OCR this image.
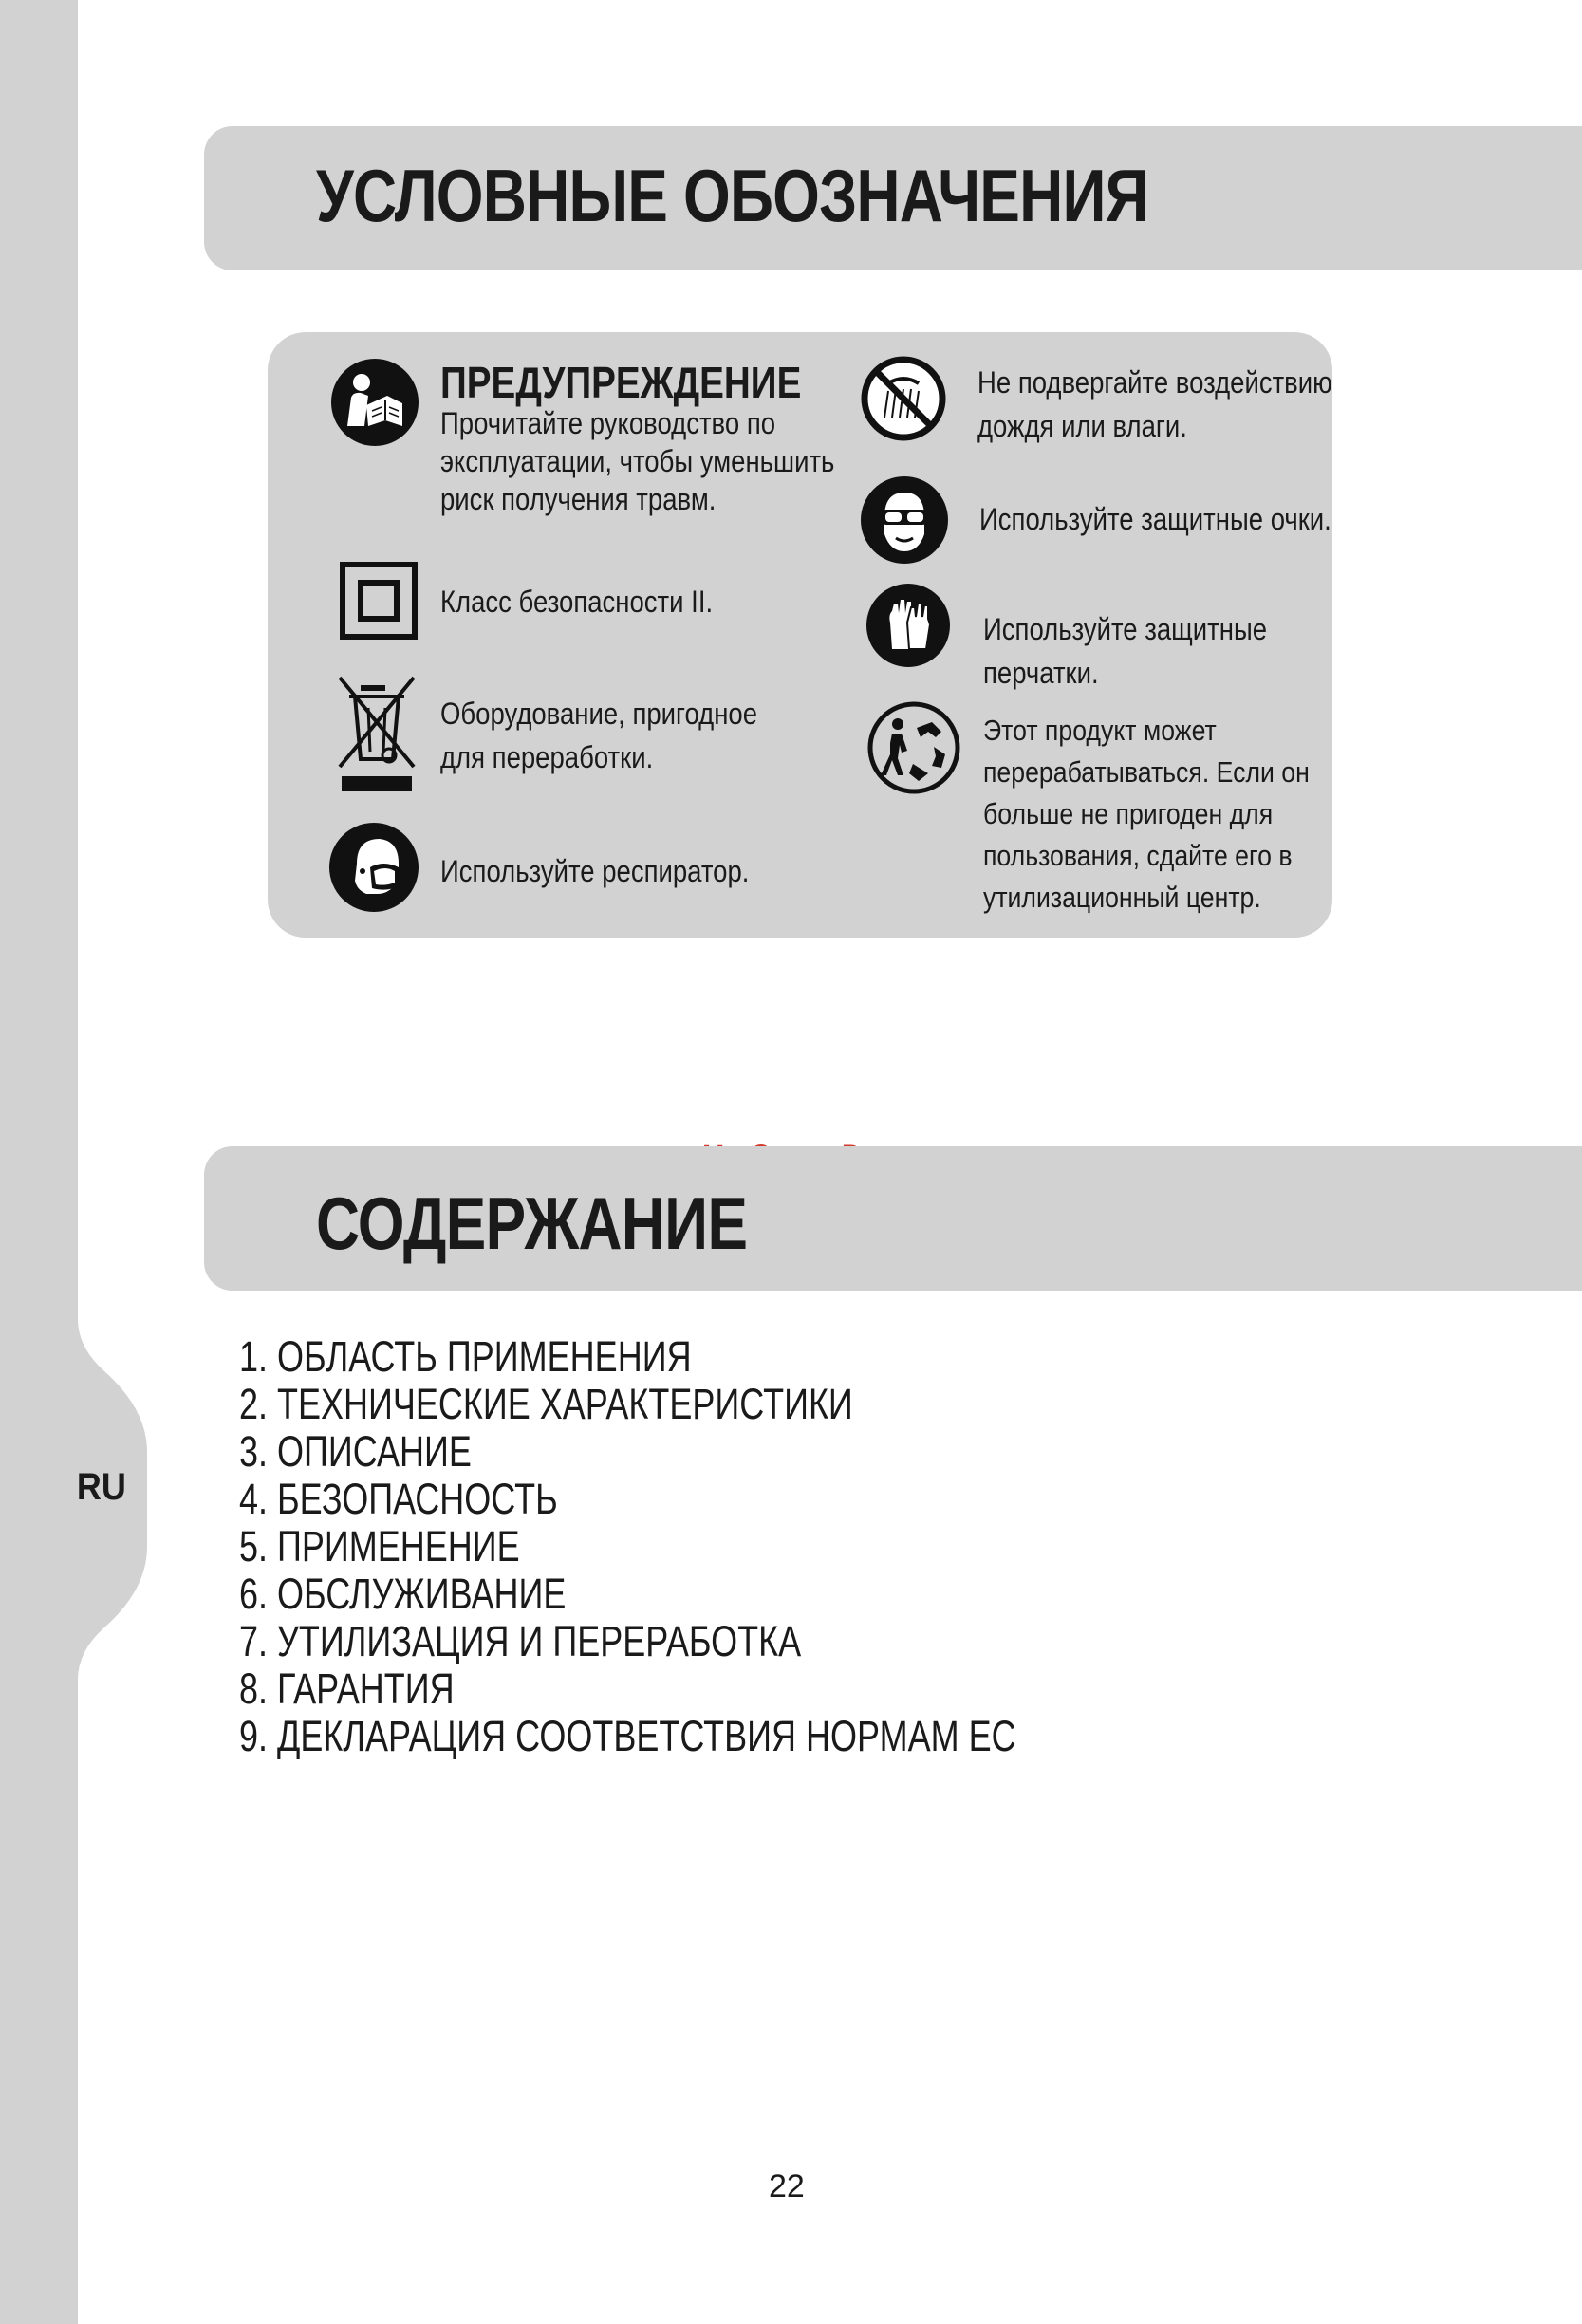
RU
УСЛОВНЫЕ ОБОЗНАЧЕНИЯ
ПРЕДУПРЕЖДЕНИЕ
Прочитайте руководство по
эксплуатации, чтобы уменьшить
риск получения травм.
Класс безопасности II.
Оборудование, пригодное
для переработки.
Используйте респиратор.
Не подвергайте воздействию
дождя или влаги.
Используйте защитные очки.
Используйте защитные
перчатки.
Этот продукт может
перерабатываться. Если он
больше не пригоден для
пользования, сдайте его в
утилизационный центр.
СОДЕРЖАНИЕ
1. ОБЛАСТЬ ПРИМЕНЕНИЯ
2. ТЕХНИЧЕСКИЕ ХАРАКТЕРИСТИКИ
3. ОПИСАНИЕ
4. БЕЗОПАСНОСТЬ
5. ПРИМЕНЕНИЕ
6. ОБСЛУЖИВАНИЕ
7. УТИЛИЗАЦИЯ И ПЕРЕРАБОТКА
8. ГАРАНТИЯ
9. ДЕКЛАРАЦИЯ СООТВЕТСТВИЯ НОРМАМ ЕС
22
